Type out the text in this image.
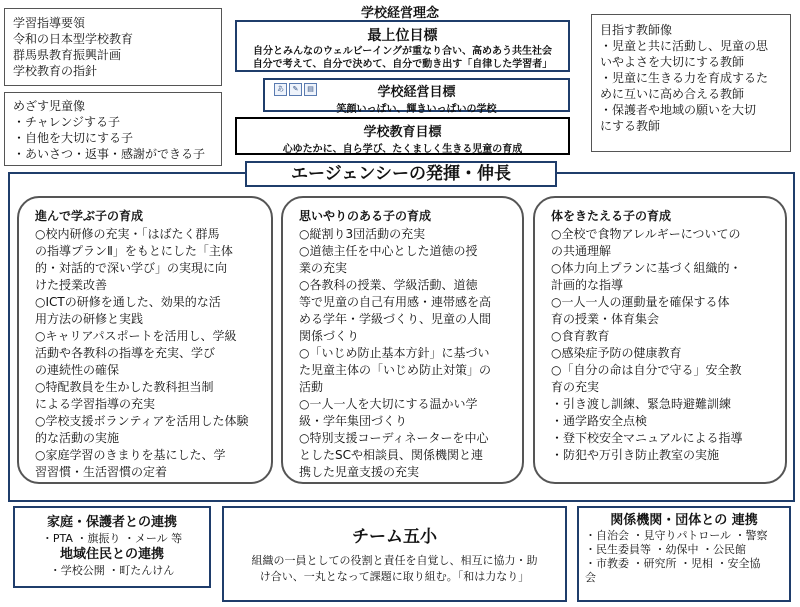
学習指導要領
令和の日本型学校教育
群馬県教育振興計画
学校教育の指針
めざす児童像
・チャレンジする子
・自他を大切にする子
・あいさつ・返事・感謝ができる子
学校経営理念
最上位目標
自分とみんなのウェルビーイングが重なり合い、高めあう共生社会
自分で考えて、自分で決めて、自分で動き出す「自律した学習者」
学校経営目標
笑顔いっぱい、輝きいっぱいの学校
あ	✎	▤
学校教育目標
心ゆたかに、自ら学び、たくましく生きる児童の育成
目指す教師像
・児童と共に活動し、児童の思
いやよさを大切にする教師
・児童に生きる力を育成するた
めに互いに高め合える教師
・保護者や地域の願いを大切
にする教師
エージェンシーの発揮・伸長
進んで学ぶ子の育成
○校内研修の充実・「はばたく群馬
の指導プランⅡ」をもとにした「主体
的・対話的で深い学び」の実現に向
けた授業改善
○ICTの研修を通した、効果的な活
用方法の研修と実践
○キャリアパスポートを活用し、学級
活動や各教科の指導を充実、学び
の連続性の確保
○特配教員を生かした教科担当制
による学習指導の充実
○学校支援ボランティアを活用した体験
的な活動の実施
○家庭学習のきまりを基にした、学
習習慣・生活習慣の定着
思いやりのある子の育成
○縦割り3団活動の充実
○道徳主任を中心とした道徳の授
業の充実
○各教科の授業、学級活動、道徳
等で児童の自己有用感・連帯感を高
める学年・学級づくり、児童の人間
関係づくり
○「いじめ防止基本方針」に基づい
た児童主体の「いじめ防止対策」の
活動
○一人一人を大切にする温かい学
級・学年集団づくり
○特別支援コーディネーターを中心
としたSCや相談員、関係機関と連
携した児童支援の充実
体をきたえる子の育成
○全校で食物アレルギーについての
の共通理解
○体力向上プランに基づく組織的・
計画的な指導
○一人一人の運動量を確保する体
育の授業・体育集会
○食育教育
○感染症予防の健康教育
○「自分の命は自分で守る」安全教
育の充実
・引き渡し訓練、緊急時避難訓練
・通学路安全点検
・登下校安全マニュアルによる指導
・防犯や万引き防止教室の実施
家庭・保護者との連携
・PTA ・旗振り ・メール 等
地域住民との連携
・学校公開 ・町たんけん
チーム五小
組織の一員としての役割と責任を自覚し、相互に協力・助
け合い、一丸となって課題に取り組む。「和は力なり」
関係機関・団体との 連携
・自治会 ・見守りパトロール ・警察
・民生委員等 ・幼保中 ・公民館
・市教委 ・研究所 ・児相 ・安全協
会
